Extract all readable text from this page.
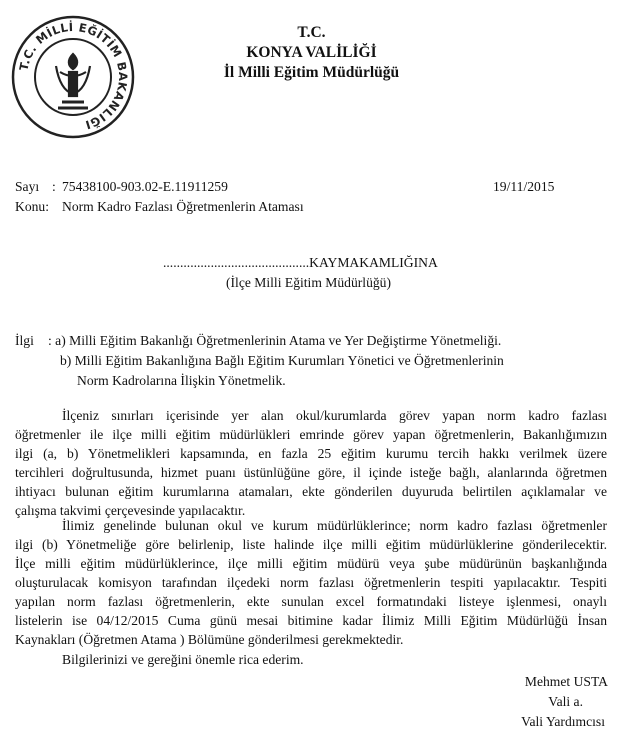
T.C. MİLLİ EĞİTİM BAKANLIĞI
T.C.
KONYA VALİLİĞİ
İl Milli Eğitim Müdürlüğü
Sayı : 75438100-903.02-E.11911259	19/11/2015
Konu: Norm Kadro Fazlası Öğretmenlerin Ataması
...........................................KAYMAKAMLIĞINA
(İlçe Milli Eğitim Müdürlüğü)
İlgi : a) Milli Eğitim Bakanlığı Öğretmenlerinin Atama ve Yer Değiştirme Yönetmeliği.
b) Milli Eğitim Bakanlığına Bağlı Eğitim Kurumları Yönetici ve Öğretmenlerinin
Norm Kadrolarına İlişkin Yönetmelik.
İlçeniz sınırları içerisinde yer alan okul/kurumlarda görev yapan norm kadro fazlası
öğretmenler ile ilçe milli eğitim müdürlükleri emrinde görev yapan öğretmenlerin, Bakanlığımızın
ilgi (a, b) Yönetmelikleri kapsamında, en fazla 25 eğitim kurumu tercih hakkı verilmek üzere
tercihleri doğrultusunda, hizmet puanı üstünlüğüne göre, il içinde isteğe bağlı, alanlarında öğretmen
ihtiyacı bulunan eğitim kurumlarına atamaları, ekte gönderilen duyuruda belirtilen açıklamalar ve
çalışma takvimi çerçevesinde yapılacaktır.
İlimiz genelinde bulunan okul ve kurum müdürlüklerince; norm kadro fazlası öğretmenler
ilgi (b) Yönetmeliğe göre belirlenip, liste halinde ilçe milli eğitim müdürlüklerine gönderilecektir.
İlçe milli eğitim müdürlüklerince, ilçe milli eğitim müdürü veya şube müdürünün başkanlığında
oluşturulacak komisyon tarafından ilçedeki norm fazlası öğretmenlerin tespiti yapılacaktır. Tespiti
yapılan norm fazlası öğretmenlerin, ekte sunulan excel formatındaki listeye işlenmesi, onaylı
listelerin ise 04/12/2015 Cuma günü mesai bitimine kadar İlimiz Milli Eğitim Müdürlüğü İnsan
Kaynakları (Öğretmen Atama ) Bölümüne gönderilmesi gerekmektedir.
Bilgilerinizi ve gereğini önemle rica ederim.
Mehmet USTA
Vali a.
Vali Yardımcısı
